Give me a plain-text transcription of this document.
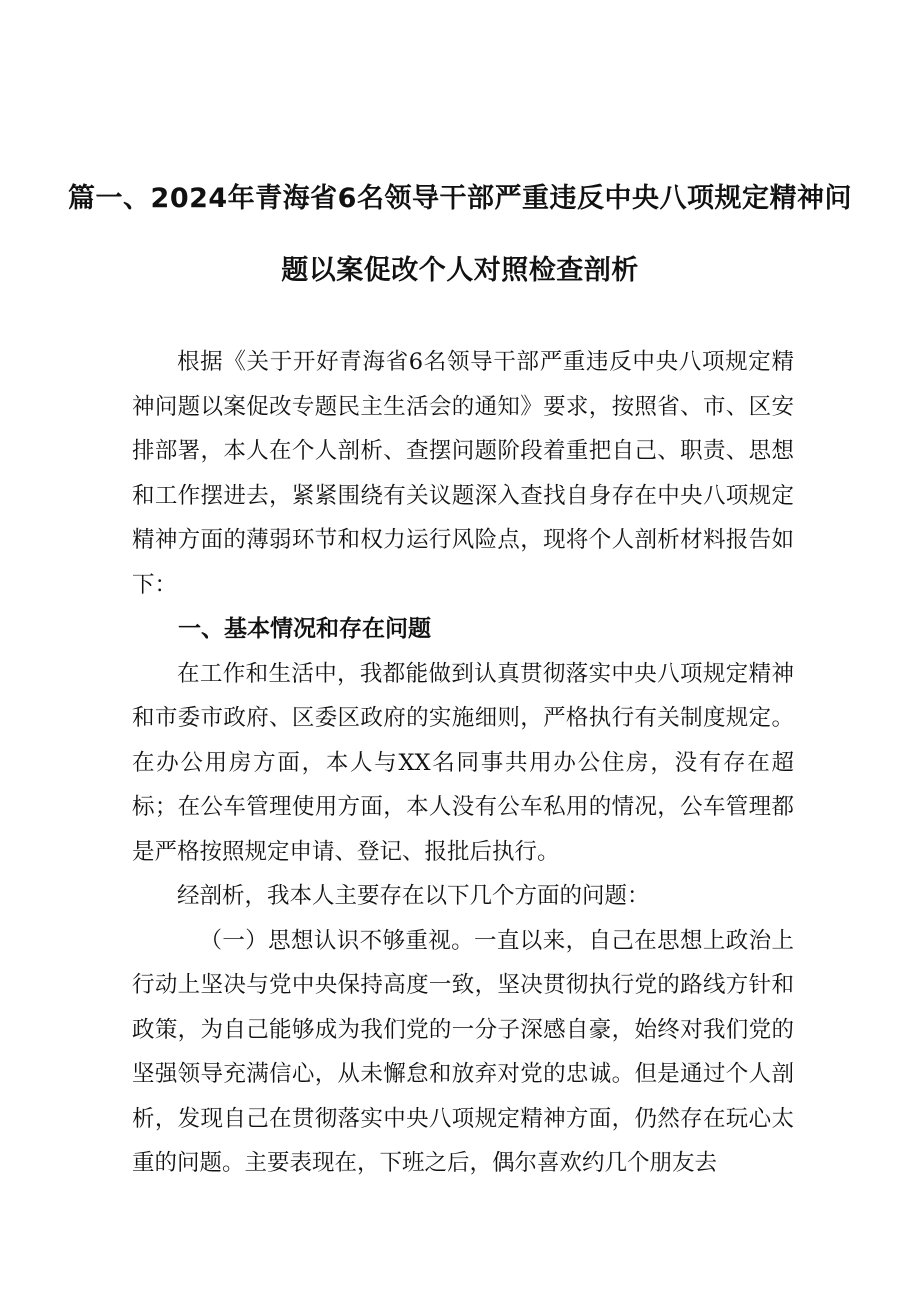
篇一、2024年青海省6名领导干部严重违反中央八项规定精神问
题以案促改个人对照检查剖析

根据《关于开好青海省6名领导干部严重违反中央八项规定精神问题以案促改专题民主生活会的通知》要求，按照省、市、区安排部署，本人在个人剖析、查摆问题阶段着重把自己、职责、思想和工作摆进去，紧紧围绕有关议题深入查找自身存在中央八项规定精神方面的薄弱环节和权力运行风险点，现将个人剖析材料报告如下：

一、基本情况和存在问题

在工作和生活中，我都能做到认真贯彻落实中央八项规定精神和市委市政府、区委区政府的实施细则，严格执行有关制度规定。在办公用房方面，本人与XX名同事共用办公住房，没有存在超标；在公车管理使用方面，本人没有公车私用的情况，公车管理都是严格按照规定申请、登记、报批后执行。

经剖析，我本人主要存在以下几个方面的问题：

（一）思想认识不够重视。一直以来，自己在思想上政治上行动上坚决与党中央保持高度一致，坚决贯彻执行党的路线方针和政策，为自己能够成为我们党的一分子深感自豪，始终对我们党的坚强领导充满信心，从未懈怠和放弃对党的忠诚。但是通过个人剖析，发现自己在贯彻落实中央八项规定精神方面，仍然存在玩心太重的问题。主要表现在，下班之后，偶尔喜欢约几个朋友去
